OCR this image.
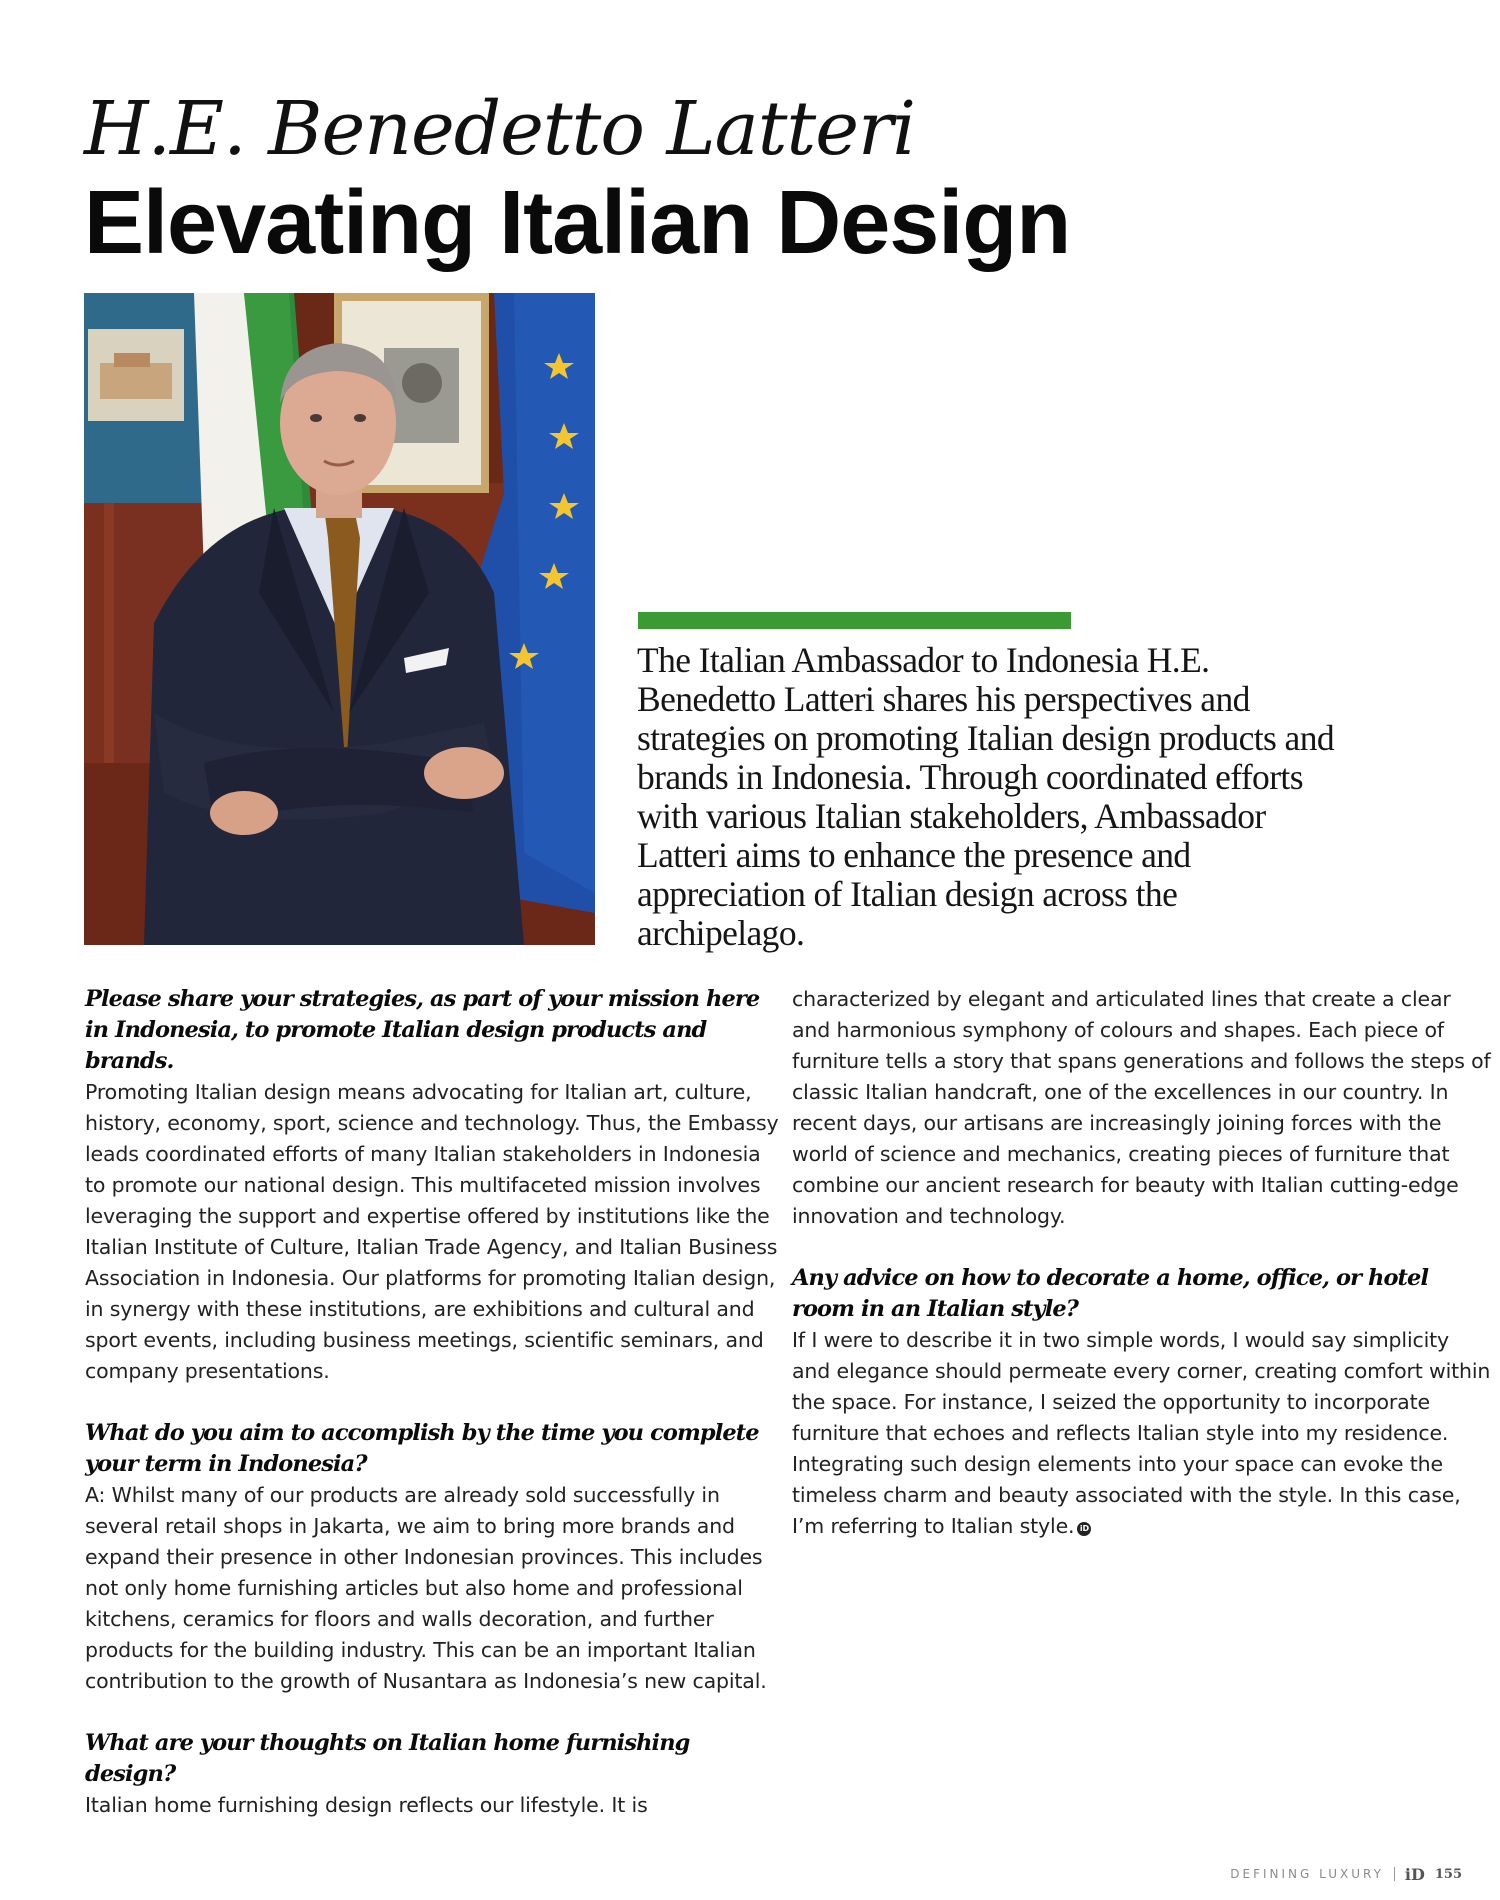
H.E. Benedetto Latteri
Elevating Italian Design

The Italian Ambassador to Indonesia H.E. Benedetto Latteri shares his perspectives and strategies on promoting Italian design products and brands in Indonesia. Through coordinated efforts with various Italian stakeholders, Ambassador Latteri aims to enhance the presence and appreciation of Italian design across the archipelago.

Please share your strategies, as part of your mission here in Indonesia, to promote Italian design products and brands.

Promoting Italian design means advocating for Italian art, culture, history, economy, sport, science and technology. Thus, the Embassy leads coordinated efforts of many Italian stakeholders in Indonesia to promote our national design. This multifaceted mission involves leveraging the support and expertise offered by institutions like the Italian Institute of Culture, Italian Trade Agency, and Italian Business Association in Indonesia. Our platforms for promoting Italian design, in synergy with these institutions, are exhibitions and cultural and sport events, including business meetings, scientific seminars, and company presentations.

What do you aim to accomplish by the time you complete your term in Indonesia?

A: Whilst many of our products are already sold successfully in several retail shops in Jakarta, we aim to bring more brands and expand their presence in other Indonesian provinces. This includes not only home furnishing articles but also home and professional kitchens, ceramics for floors and walls decoration, and further products for the building industry. This can be an important Italian contribution to the growth of Nusantara as Indonesia’s new capital.

What are your thoughts on Italian home furnishing design?

Italian home furnishing design reflects our lifestyle. It is

characterized by elegant and articulated lines that create a clear and harmonious symphony of colours and shapes. Each piece of furniture tells a story that spans generations and follows the steps of classic Italian handcraft, one of the excellences in our country. In recent days, our artisans are increasingly joining forces with the world of science and mechanics, creating pieces of furniture that combine our ancient research for beauty with Italian cutting-edge innovation and technology.

Any advice on how to decorate a home, office, or hotel room in an Italian style?

If I were to describe it in two simple words, I would say simplicity and elegance should permeate every corner, creating comfort within the space. For instance, I seized the opportunity to incorporate furniture that echoes and reflects Italian style into my residence. Integrating such design elements into your space can evoke the timeless charm and beauty associated with the style. In this case, I’m referring to Italian style. iD

DEFINING LUXURY iD 155
